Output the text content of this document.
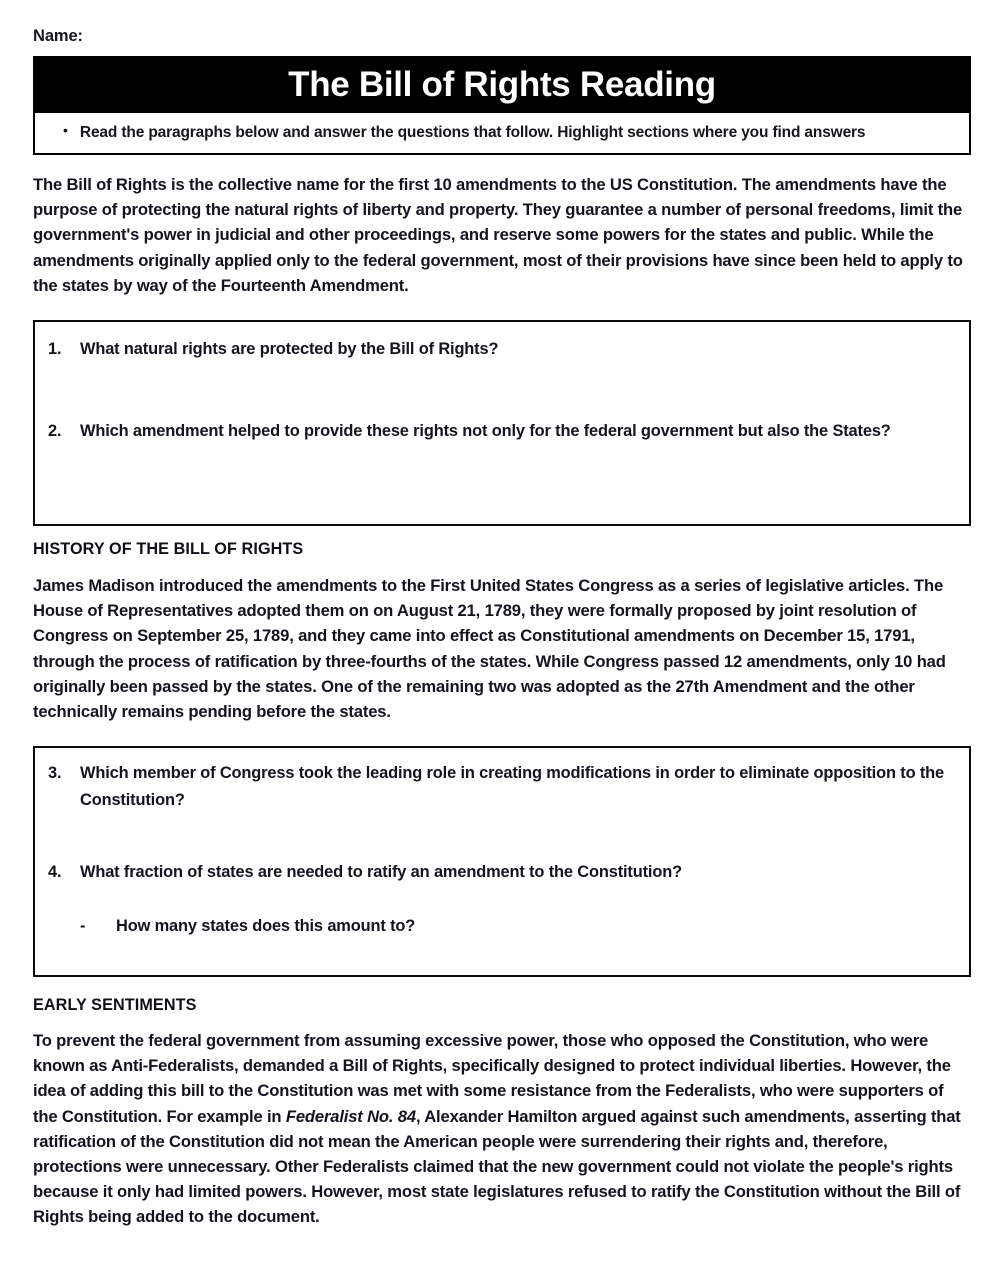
Name:
The Bill of Rights Reading
• Read the paragraphs below and answer the questions that follow. Highlight sections where you find answers
The Bill of Rights is the collective name for the first 10 amendments to the US Constitution. The amendments have the purpose of protecting the natural rights of liberty and property. They guarantee a number of personal freedoms, limit the government's power in judicial and other proceedings, and reserve some powers for the states and public. While the amendments originally applied only to the federal government, most of their provisions have since been held to apply to the states by way of the Fourteenth Amendment.
1.	What natural rights are protected by the Bill of Rights?
2.	Which amendment helped to provide these rights not only for the federal government but also the States?
HISTORY OF THE BILL OF RIGHTS
James Madison introduced the amendments to the First United States Congress as a series of legislative articles. The House of Representatives adopted them on on August 21, 1789, they were formally proposed by joint resolution of Congress on September 25, 1789, and they came into effect as Constitutional amendments on December 15, 1791, through the process of ratification by three-fourths of the states. While Congress passed 12 amendments, only 10 had originally been passed by the states. One of the remaining two was adopted as the 27th Amendment and the other technically remains pending before the states.
3.	Which member of Congress took the leading role in creating modifications in order to eliminate opposition to the Constitution?
4.	What fraction of states are needed to ratify an amendment to the Constitution?
-	How many states does this amount to?
EARLY SENTIMENTS
To prevent the federal government from assuming excessive power, those who opposed the Constitution, who were known as Anti-Federalists, demanded a Bill of Rights, specifically designed to protect individual liberties. However, the idea of adding this bill to the Constitution was met with some resistance from the Federalists, who were supporters of the Constitution. For example in Federalist No. 84, Alexander Hamilton argued against such amendments, asserting that ratification of the Constitution did not mean the American people were surrendering their rights and, therefore, protections were unnecessary. Other Federalists claimed that the new government could not violate the people's rights because it only had limited powers. However, most state legislatures refused to ratify the Constitution without the Bill of Rights being added to the document.
